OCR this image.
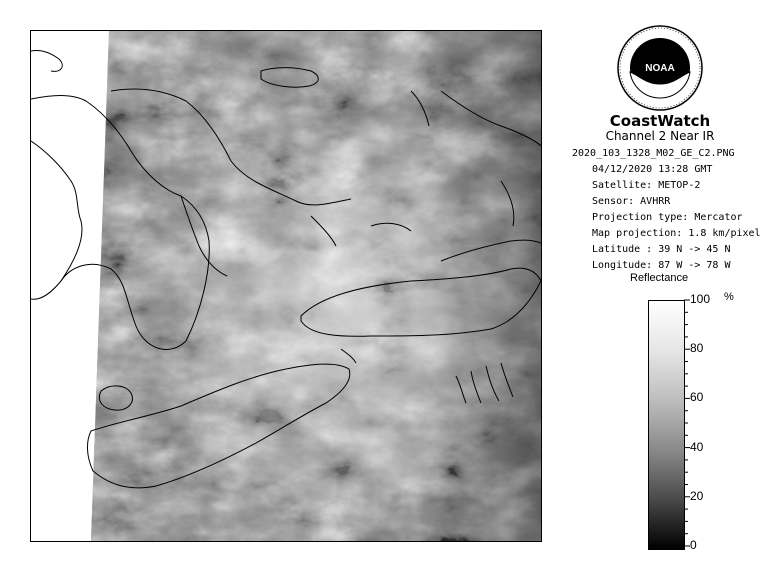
NOAA
CoastWatch
Channel 2 Near IR
2020_103_1328_M02_GE_C2.PNG
04/12/2020 13:28 GMT
Satellite: METOP-2
Sensor: AVHRR
Projection type: Mercator
Map projection: 1.8 km/pixel
Latitude : 39 N -> 45 N
Longitude: 87 W -> 78 W
Reflectance
%
100
80
60
40
20
0
